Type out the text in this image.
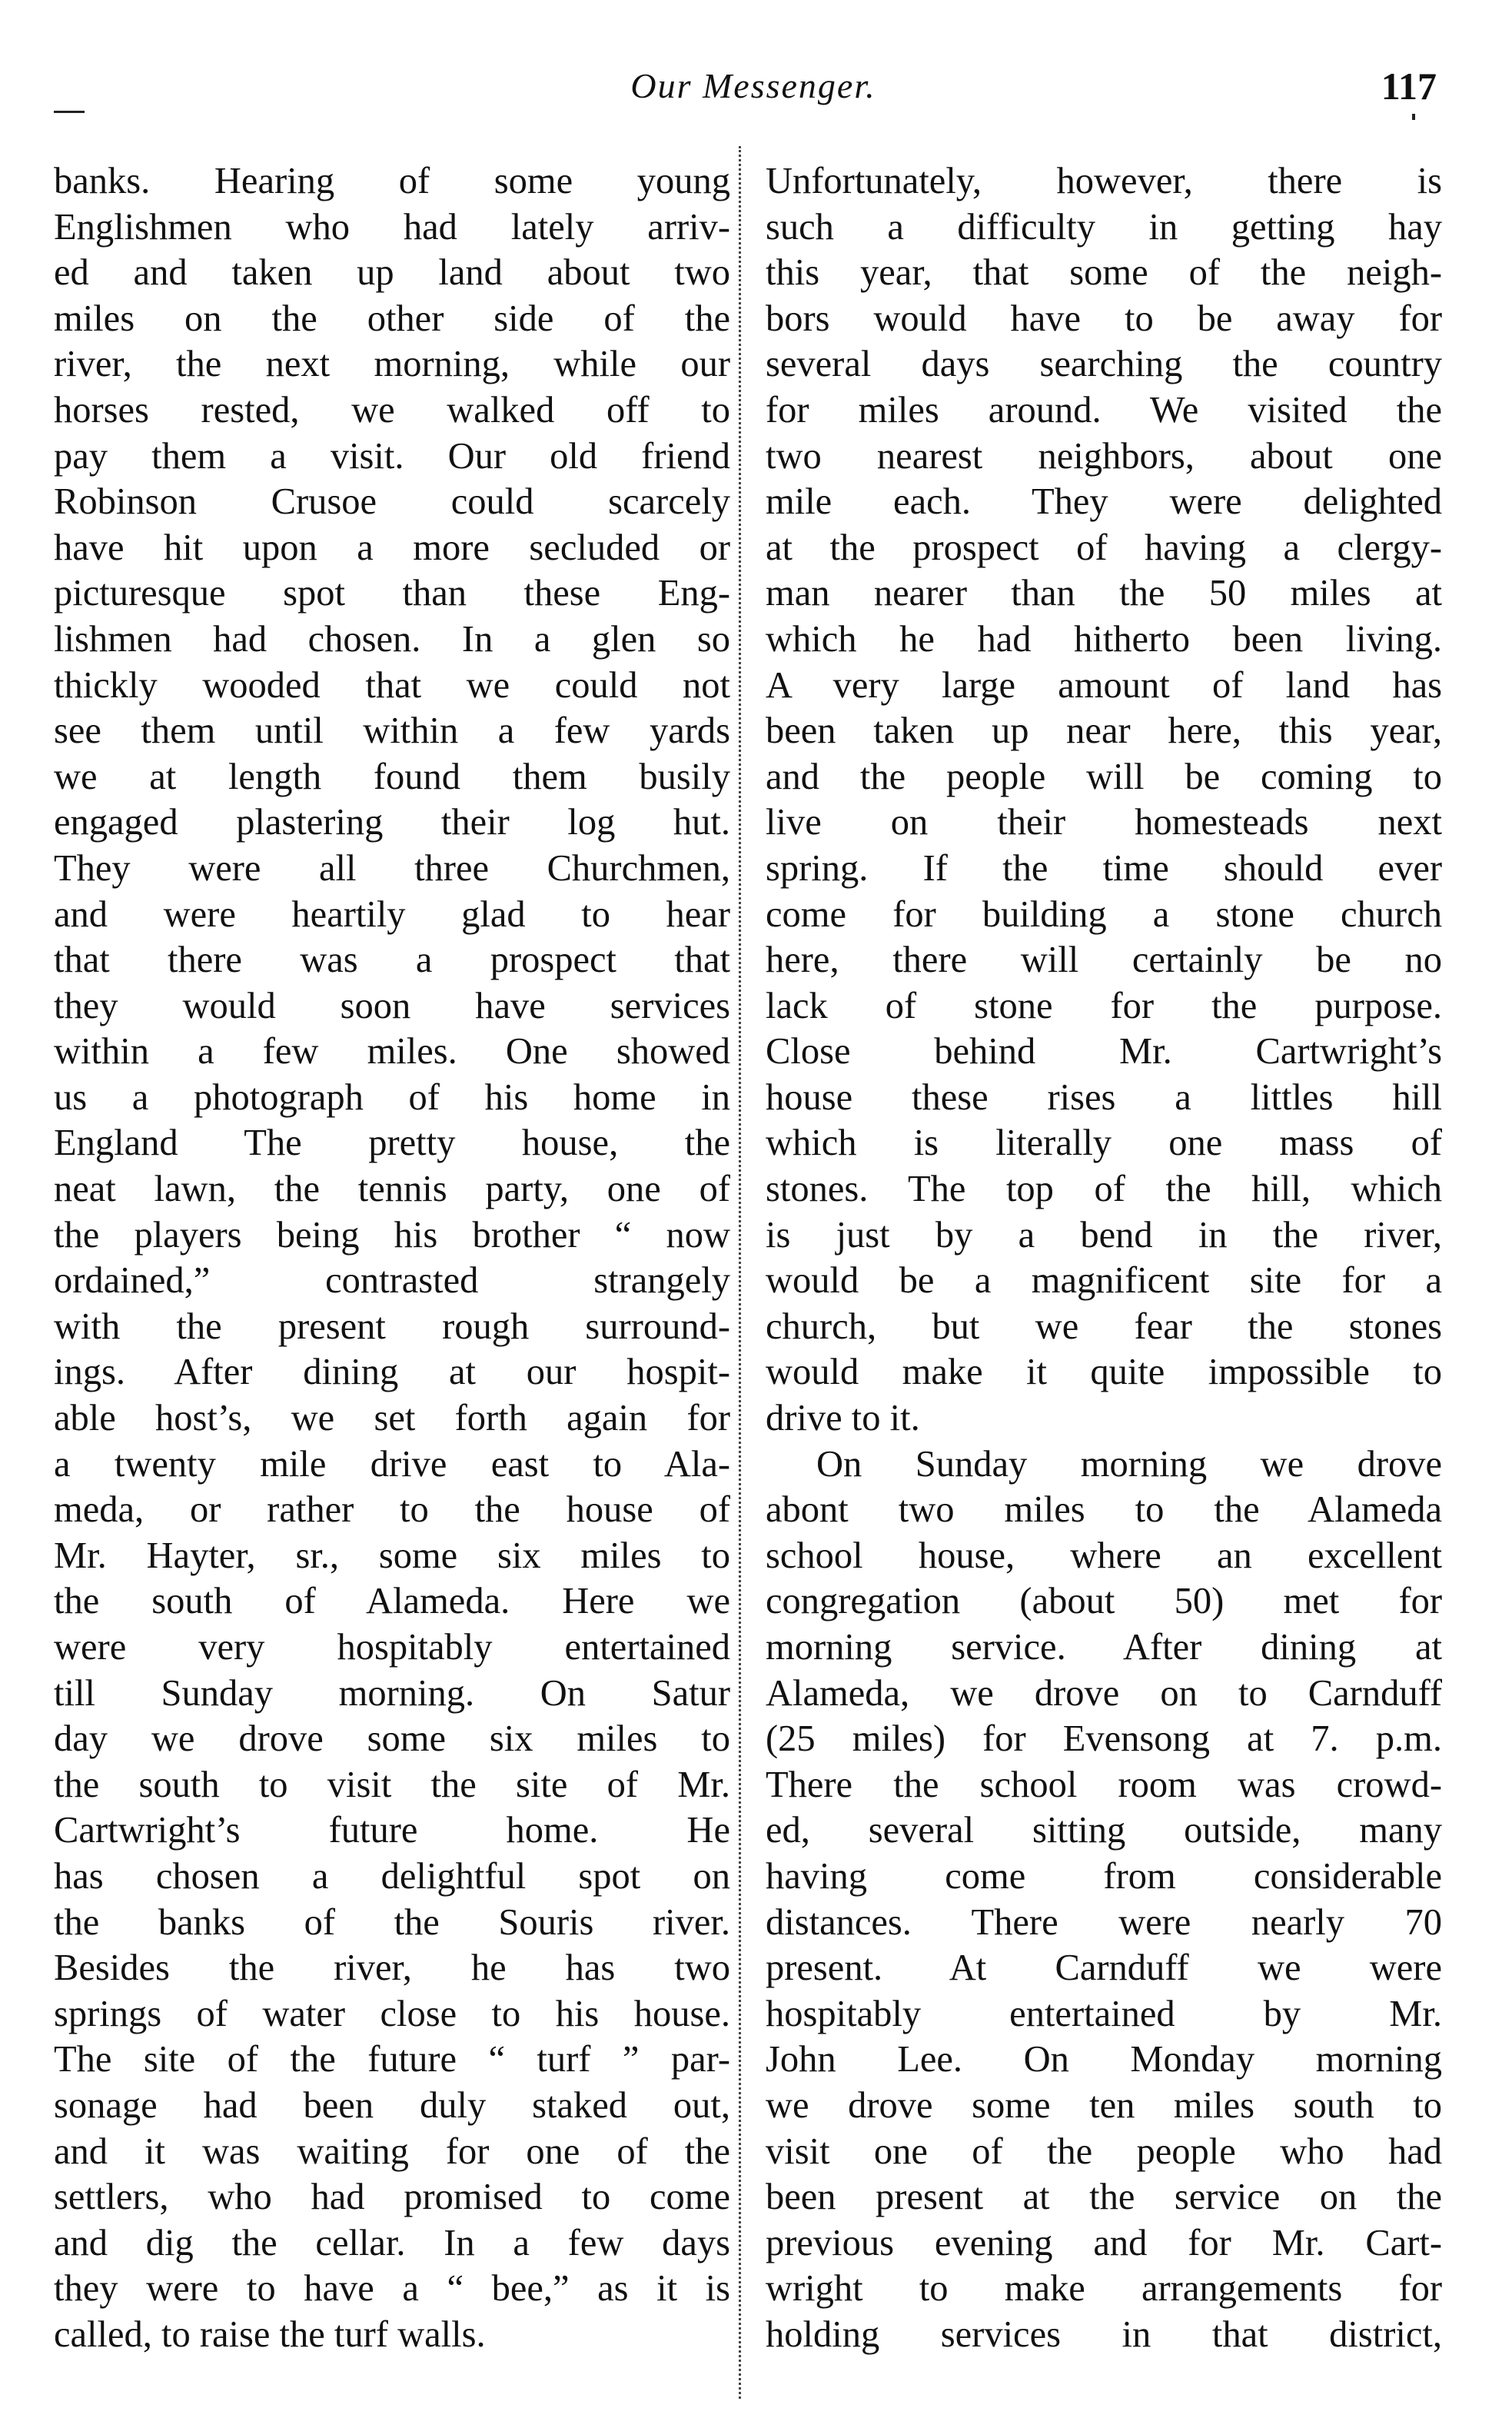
Our Messenger.	117
banks. Hearing of some young
Englishmen who had lately arriv-
ed and taken up land about two
miles on the other side of the
river, the next morning, while our
horses rested, we walked off to
pay them a visit. Our old friend
Robinson Crusoe could scarcely
have hit upon a more secluded or
picturesque spot than these Eng-
lishmen had chosen. In a glen so
thickly wooded that we could not
see them until within a few yards
we at length found them busily
engaged plastering their log hut.
They were all three Churchmen,
and were heartily glad to hear
that there was a prospect that
they would soon have services
within a few miles. One showed
us a photograph of his home in
England The pretty house, the
neat lawn, the tennis party, one of
the players being his brother “ now
ordained,” contrasted strangely
with the present rough surround-
ings. After dining at our hospit-
able host’s, we set forth again for
a twenty mile drive east to Ala-
meda, or rather to the house of
Mr. Hayter, sr., some six miles to
the south of Alameda. Here we
were very hospitably entertained
till Sunday morning. On Satur
day we drove some six miles to
the south to visit the site of Mr.
Cartwright’s future home. He
has chosen a delightful spot on
the banks of the Souris river.
Besides the river, he has two
springs of water close to his house.
The site of the future “ turf ” par-
sonage had been duly staked out,
and it was waiting for one of the
settlers, who had promised to come
and dig the cellar. In a few days
they were to have a “ bee,” as it is
called, to raise the turf walls.
Unfortunately, however, there is
such a difficulty in getting hay
this year, that some of the neigh-
bors would have to be away for
several days searching the country
for miles around. We visited the
two nearest neighbors, about one
mile each. They were delighted
at the prospect of having a clergy-
man nearer than the 50 miles at
which he had hitherto been living.
A very large amount of land has
been taken up near here, this year,
and the people will be coming to
live on their homesteads next
spring. If the time should ever
come for building a stone church
here, there will certainly be no
lack of stone for the purpose.
Close behind Mr. Cartwright’s
house these rises a littles hill
which is literally one mass of
stones. The top of the hill, which
is just by a bend in the river,
would be a magnificent site for a
church, but we fear the stones
would make it quite impossible to
drive to it.
On Sunday morning we drove
abont two miles to the Alameda
school house, where an excellent
congregation (about 50) met for
morning service. After dining at
Alameda, we drove on to Carnduff
(25 miles) for Evensong at 7. p.m.
There the school room was crowd-
ed, several sitting outside, many
having come from considerable
distances. There were nearly 70
present. At Carnduff we were
hospitably entertained by Mr.
John Lee. On Monday morning
we drove some ten miles south to
visit one of the people who had
been present at the service on the
previous evening and for Mr. Cart-
wright to make arrangements for
holding services in that district,
